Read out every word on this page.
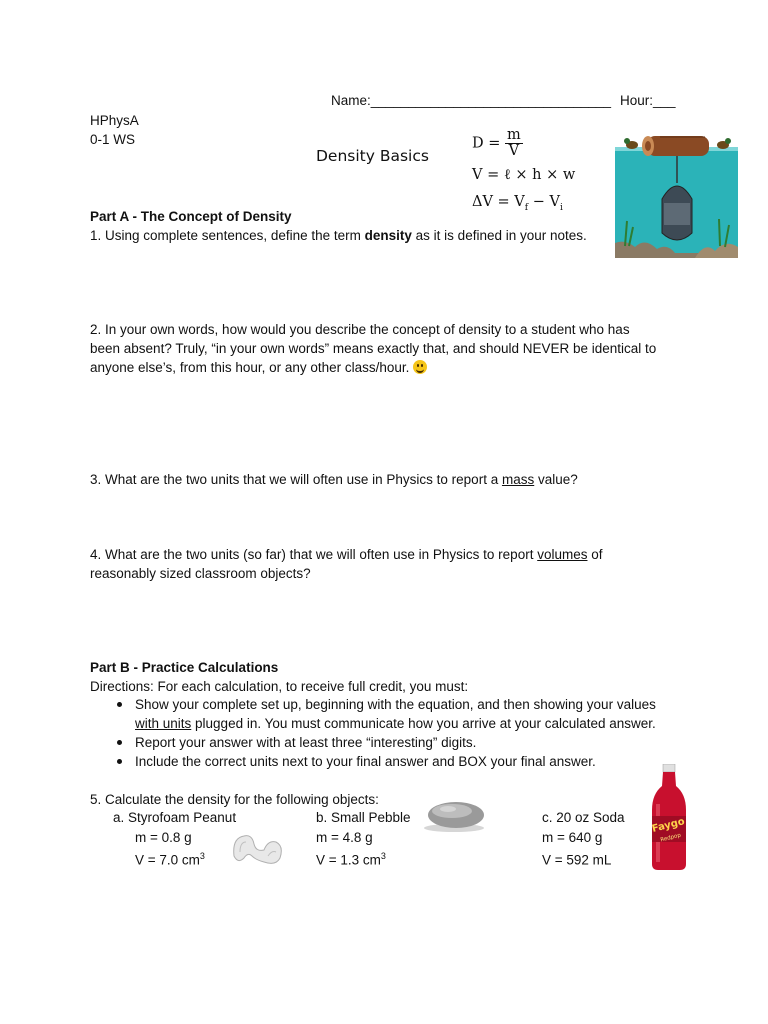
Name:________________________________ Hour:___
HPhysA
0-1 WS
Density Basics
$D = \frac{m}{V}$
V = ℓ × h × w
$\Delta V = V_f - V_i$
Part A - The Concept of Density
1. Using complete sentences, define the term density as it is defined in your notes.
2. In your own words, how would you describe the concept of density to a student who has
been absent? Truly, “in your own words” means exactly that, and should NEVER be identical to
anyone else’s, from this hour, or any other class/hour.
3. What are the two units that we will often use in Physics to report a mass value?
4. What are the two units (so far) that we will often use in Physics to report volumes of
reasonably sized classroom objects?
Part B - Practice Calculations
Directions: For each calculation, to receive full credit, you must:
Show your complete set up, beginning with the equation, and then showing your values
with units plugged in. You must communicate how you arrive at your calculated answer.
Report your answer with at least three “interesting” digits.
Include the correct units next to your final answer and BOX your final answer.
5. Calculate the density for the following objects:
a. Styrofoam Peanut
m = 0.8 g
V = 7.0 $cm^3$
b. Small Pebble
m = 4.8 g
V = 1.3 $cm^3$
c. 20 oz Soda
m = 640 g
V = 592 mL
Faygo
Redpop
